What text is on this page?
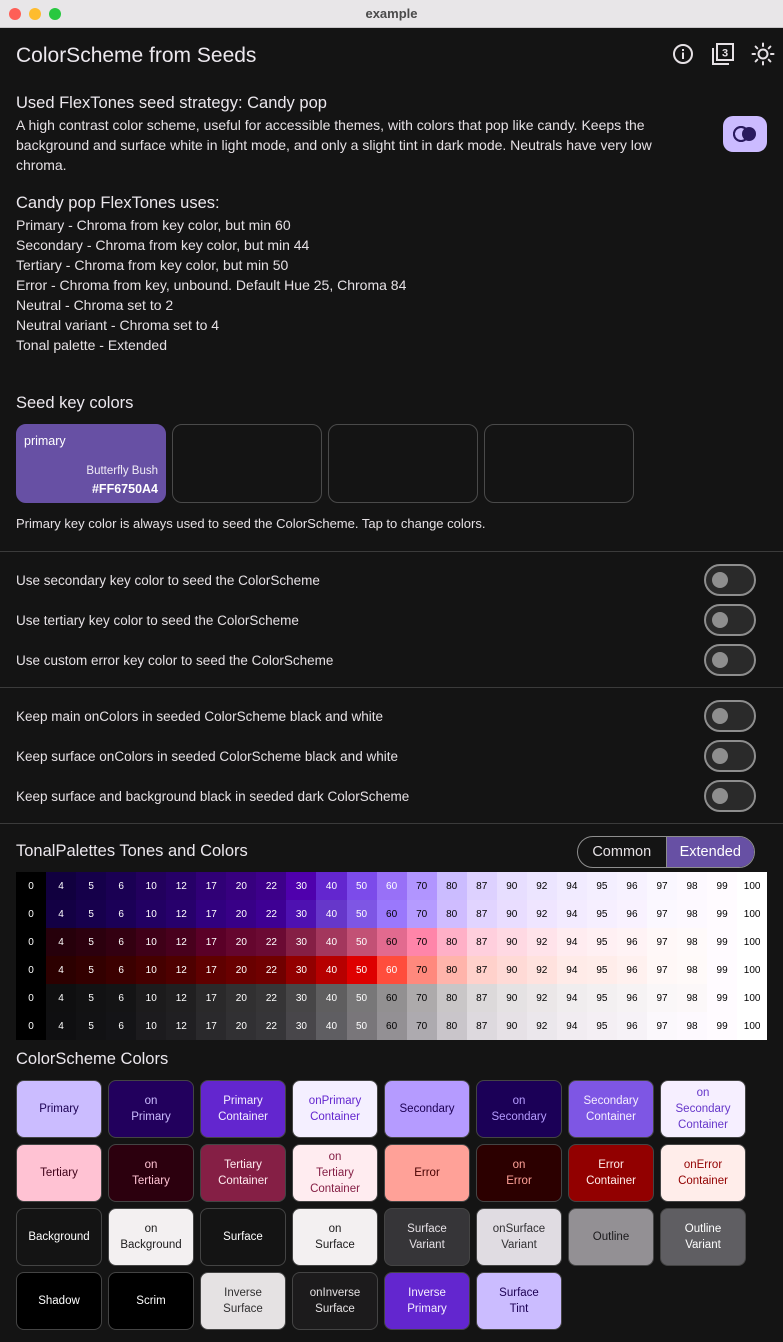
example
ColorScheme from Seeds	3
Used FlexTones seed strategy: Candy pop
A high contrast color scheme, useful for accessible themes, with colors that pop like candy. Keeps the background and surface white in light mode, and only a slight tint in dark mode. Neutrals have very low chroma.
Candy pop FlexTones uses:
Primary - Chroma from key color, but min 60
Secondary - Chroma from key color, but min 44
Tertiary - Chroma from key color, but min 50
Error - Chroma from key, unbound. Default Hue 25, Chroma 84
Neutral - Chroma set to 2
Neutral variant - Chroma set to 4
Tonal palette - Extended
Seed key colors
primary
Butterfly Bush
#FF6750A4
Primary key color is always used to seed the ColorScheme. Tap to change colors.
Use secondary key color to seed the ColorScheme
Use tertiary key color to seed the ColorScheme
Use custom error key color to seed the ColorScheme
Keep main onColors in seeded ColorScheme black and white
Keep surface onColors in seeded ColorScheme black and white
Keep surface and background black in seeded dark ColorScheme
TonalPalettes Tones and Colors	Common	Extended
0	4	5	6	10	12	17	20	22	30	40	50	60	70	80	87	90	92	94	95	96	97	98	99	100
0	4	5	6	10	12	17	20	22	30	40	50	60	70	80	87	90	92	94	95	96	97	98	99	100
0	4	5	6	10	12	17	20	22	30	40	50	60	70	80	87	90	92	94	95	96	97	98	99	100
0	4	5	6	10	12	17	20	22	30	40	50	60	70	80	87	90	92	94	95	96	97	98	99	100
0	4	5	6	10	12	17	20	22	30	40	50	60	70	80	87	90	92	94	95	96	97	98	99	100
0	4	5	6	10	12	17	20	22	30	40	50	60	70	80	87	90	92	94	95	96	97	98	99	100
ColorScheme Colors
Primary
on
Primary
Primary
Container
onPrimary
Container
Secondary
on
Secondary
Secondary
Container
on
Secondary
Container
Tertiary
on
Tertiary
Tertiary
Container
on
Tertiary
Container
Error
on
Error
Error
Container
onError
Container
Background
on
Background
Surface
on
Surface
Surface
Variant
onSurface
Variant
Outline
Outline
Variant
Shadow	Scrim
Inverse
Surface
onInverse
Surface
Inverse
Primary
Surface
Tint
